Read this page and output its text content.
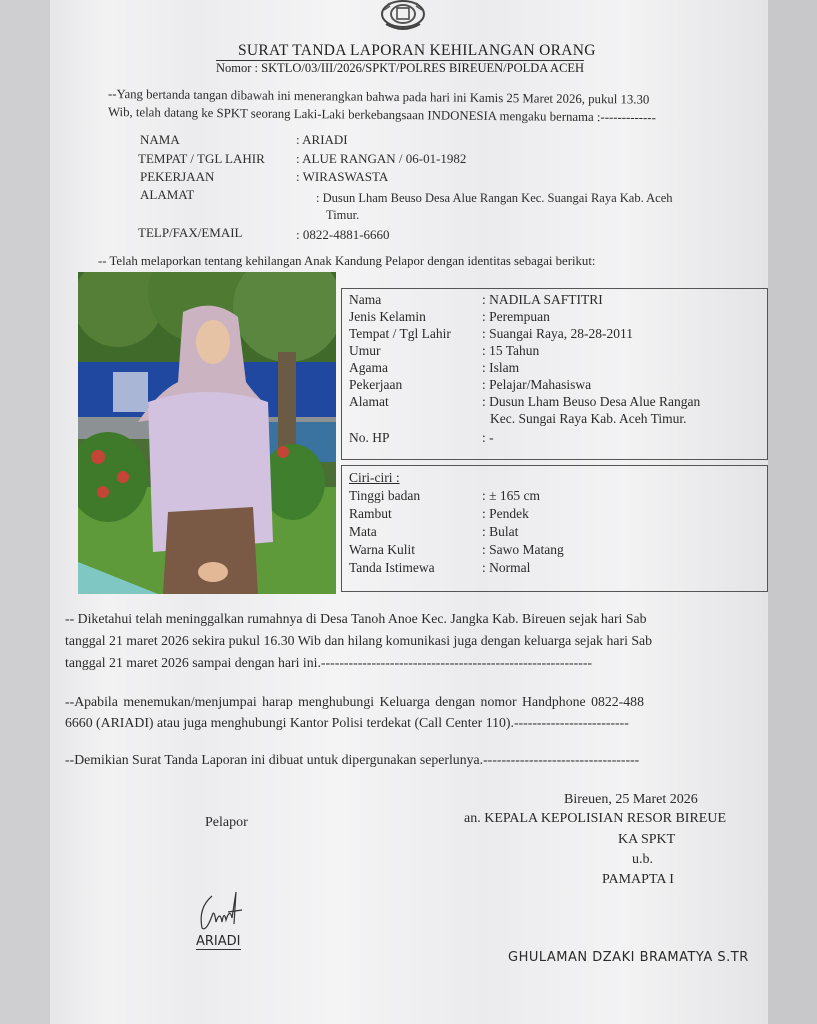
SURAT TANDA LAPORAN KEHILANGAN ORANG
Nomor : SKTLO/03/III/2026/SPKT/POLRES BIREUEN/POLDA ACEH
--Yang bertanda tangan dibawah ini menerangkan bahwa pada hari ini Kamis 25 Maret 2026, pukul 13.30
Wib, telah datang ke SPKT seorang Laki-Laki berkebangsaan INDONESIA mengaku bernama :-------------
NAMA	: ARIADI
TEMPAT / TGL LAHIR : ALUE RANGAN / 06-01-1982
PEKERJAAN	: WIRASWASTA
ALAMAT	: Dusun Lham Beuso Desa Alue Rangan Kec. Suangai Raya Kab. Aceh
Timur.
TELP/FAX/EMAIL	: 0822-4881-6660
-- Telah melaporkan tentang kehilangan Anak Kandung Pelapor dengan identitas sebagai berikut:
Nama	: NADILA SAFTITRI
Jenis Kelamin	: Perempuan
Tempat / Tgl Lahir : Suangai Raya, 28-28-2011
Umur	: 15 Tahun
Agama	: Islam
Pekerjaan	: Pelajar/Mahasiswa
Alamat	: Dusun Lham Beuso Desa Alue Rangan
Kec. Sungai Raya Kab. Aceh Timur.
No. HP	: -
Ciri-ciri :
Tinggi badan	: ± 165 cm
Rambut	: Pendek
Mata	: Bulat
Warna Kulit	: Sawo Matang
Tanda Istimewa	: Normal
-- Diketahui telah meninggalkan rumahnya di Desa Tanoh Anoe Kec. Jangka Kab. Bireuen sejak hari Sab
tanggal 21 maret 2026 sekira pukul 16.30 Wib dan hilang komunikasi juga dengan keluarga sejak hari Sab
tanggal 21 maret 2026 sampai dengan hari ini.-----------------------------------------------------------
--Apabila menemukan/menjumpai harap menghubungi Keluarga dengan nomor Handphone 0822-488
6660 (ARIADI) atau juga menghubungi Kantor Polisi terdekat (Call Center 110).-------------------------
--Demikian Surat Tanda Laporan ini dibuat untuk dipergunakan seperlunya.----------------------------------
Bireuen, 25 Maret 2026
Pelapor	an. KEPALA KEPOLISIAN RESOR BIREUE
KA SPKT
u.b.
PAMAPTA I
ARIADI
GHULAMAN DZAKI BRAMATYA S.TR
